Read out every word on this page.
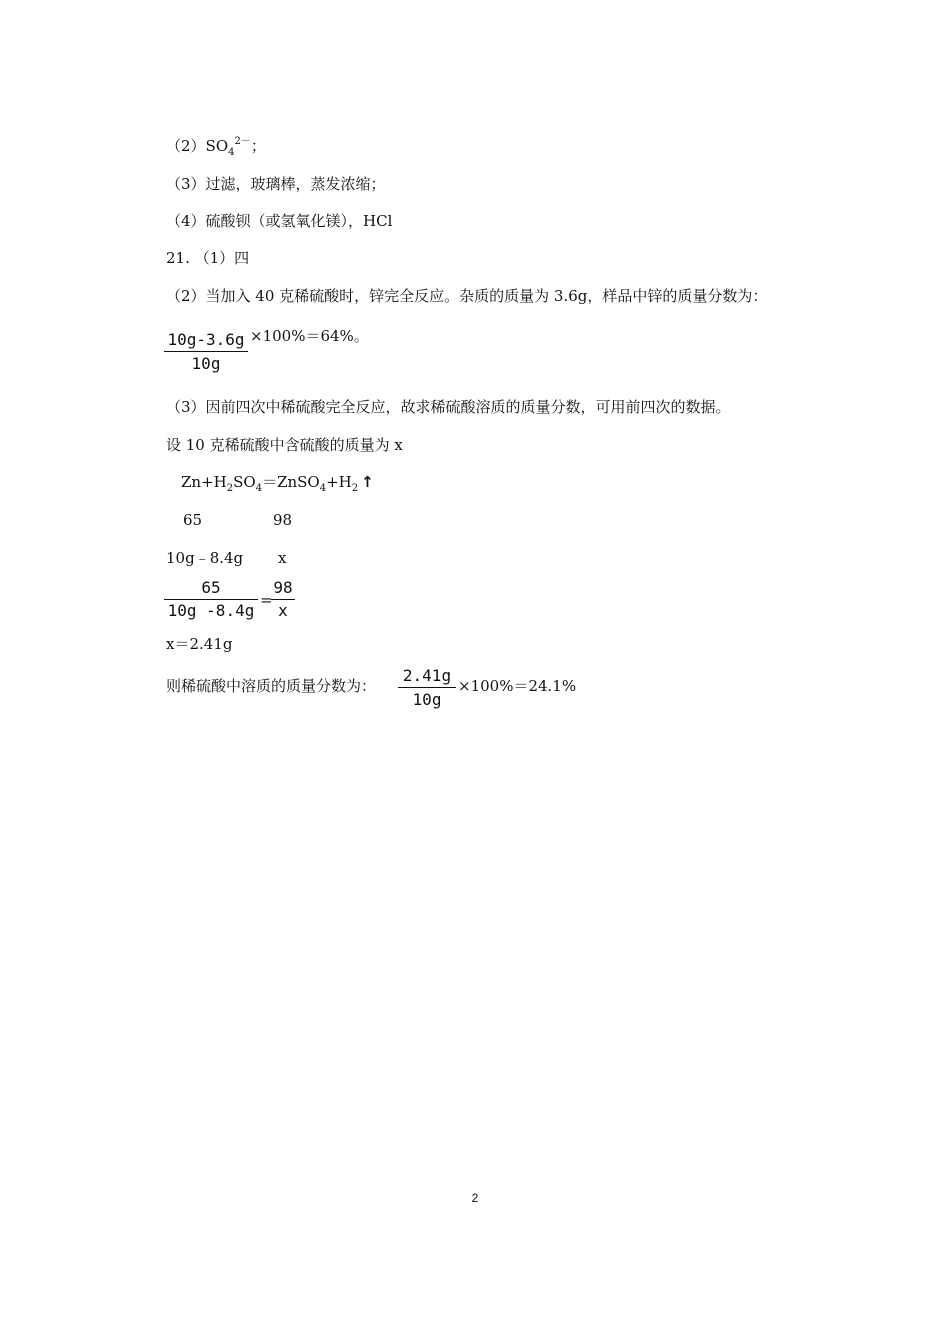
$(2)SO_4^{2-}$；
（3）过滤，玻璃棒，蒸发浓缩；
（4）硫酸钡（或氢氧化镁），HCl
21. （1）四
（2）当加入 40 克稀硫酸时，锌完全反应。杂质的质量为 3.6g，样品中锌的质量分数为：
10g-3.6g
10g
×100%＝64%。
（3）因前四次中稀硫酸完全反应，故求稀硫酸溶质的质量分数，可用前四次的数据。
设 10 克稀硫酸中含硫酸的质量为 x
$Zn+H_2SO_4=ZnSO_4+H_2$ ↑
65	98
10g﹣8.4g x
65
10g -8.4g
=
98
x
x＝2.41g
则稀硫酸中溶质的质量分数为：
2.41g
10g
×100%＝24.1%
2
